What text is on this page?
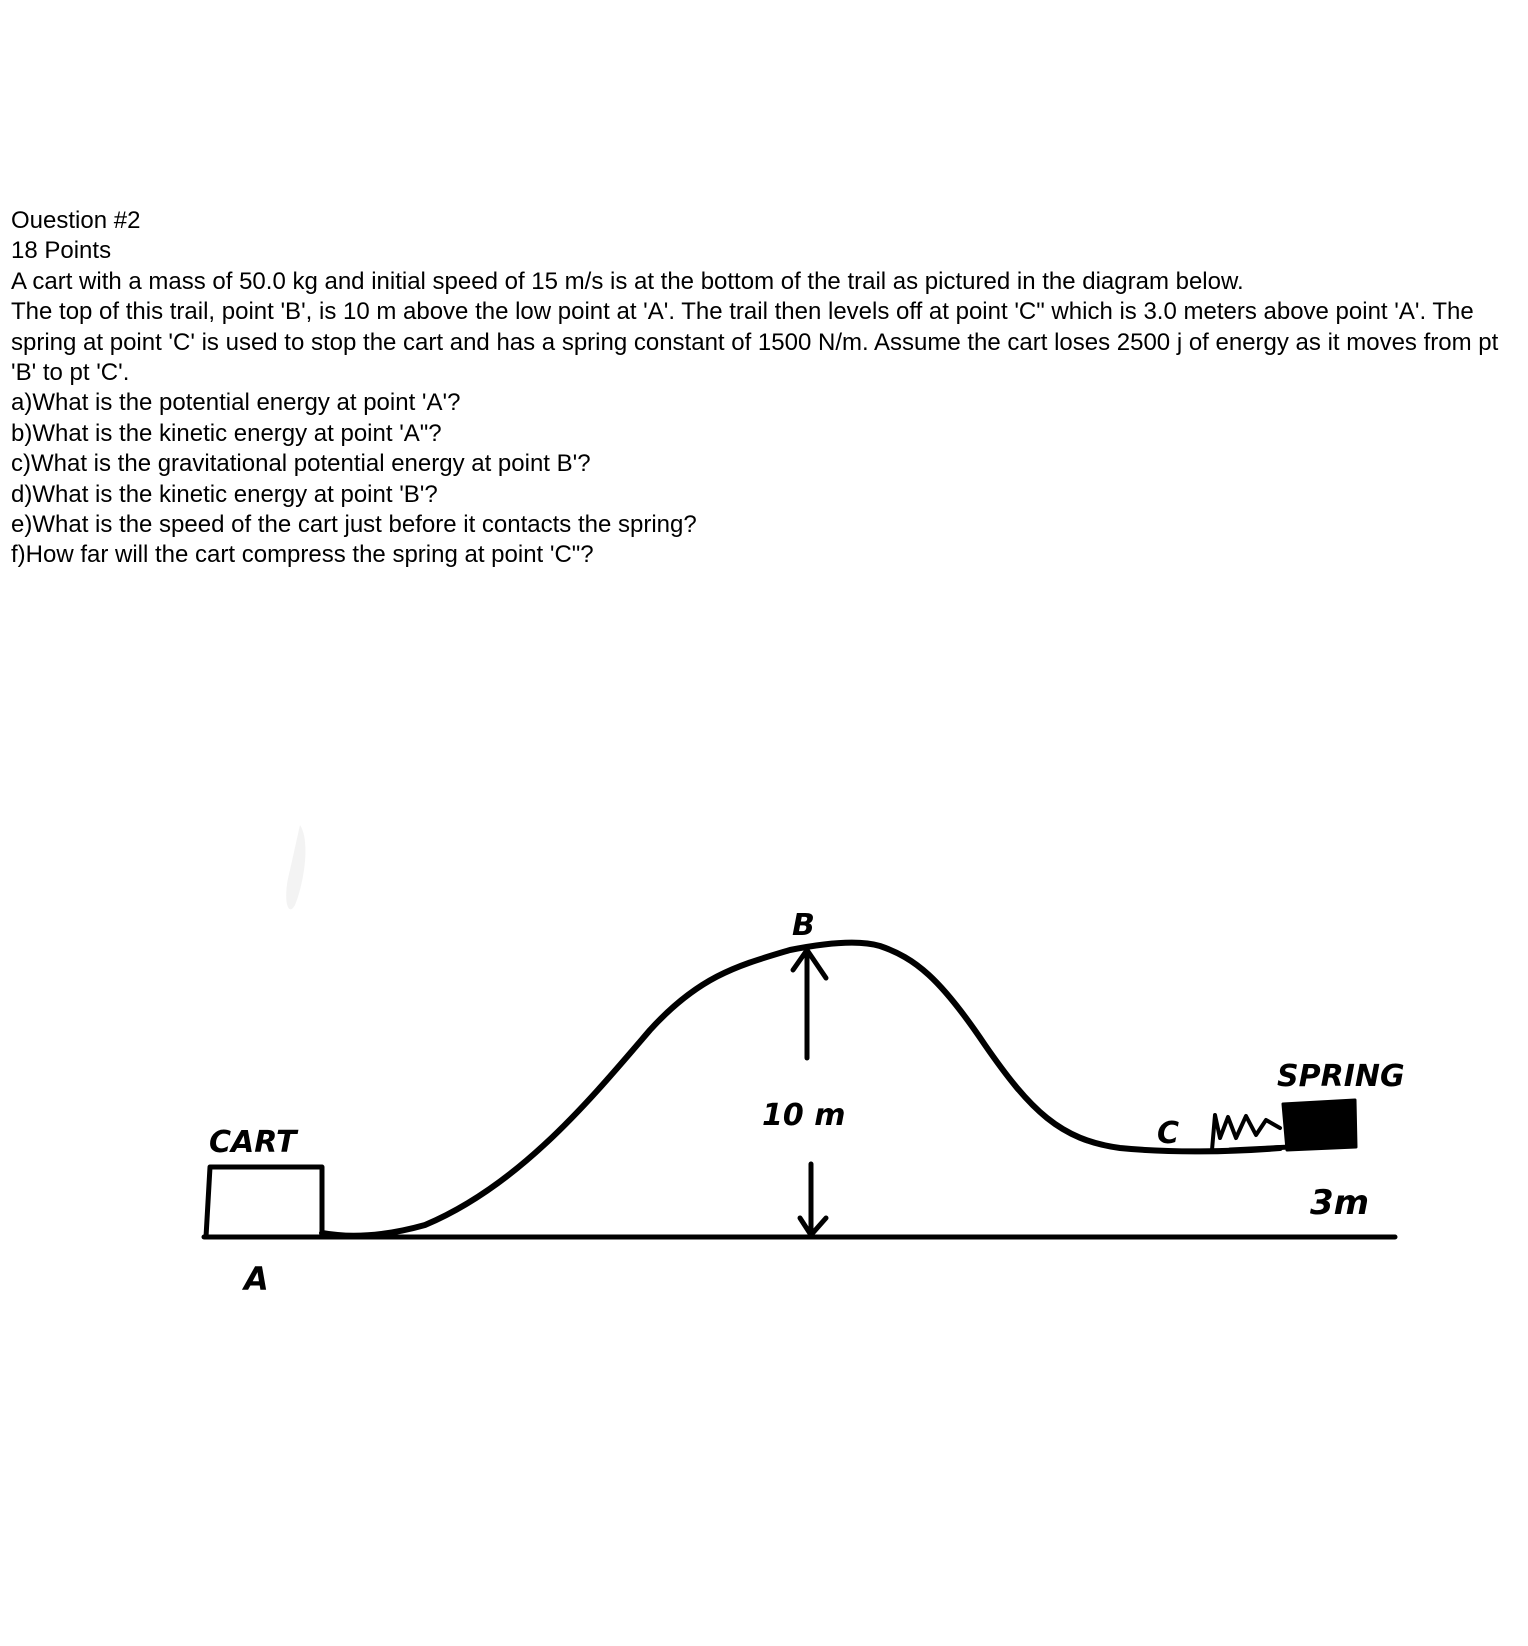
Ouestion #2
18 Points
A cart with a mass of 50.0 kg and initial speed of 15 m/s is at the bottom of the trail as pictured in the diagram below.
The top of this trail, point 'B', is 10 m above the low point at 'A'. The trail then levels off at point 'C" which is 3.0 meters above point 'A'. The spring at point 'C' is used to stop the cart and has a spring constant of 1500 N/m. Assume the cart loses 2500 j of energy as it moves from pt 'B' to pt 'C'.
a)What is the potential energy at point 'A'?
b)What is the kinetic energy at point 'A"?
c)What is the gravitational potential energy at point B'?
d)What is the kinetic energy at point 'B'?
e)What is the speed of the cart just before it contacts the spring?
f)How far will the cart compress the spring at point 'C"?
CART
A
B
10 m
C
SPRING
3m
